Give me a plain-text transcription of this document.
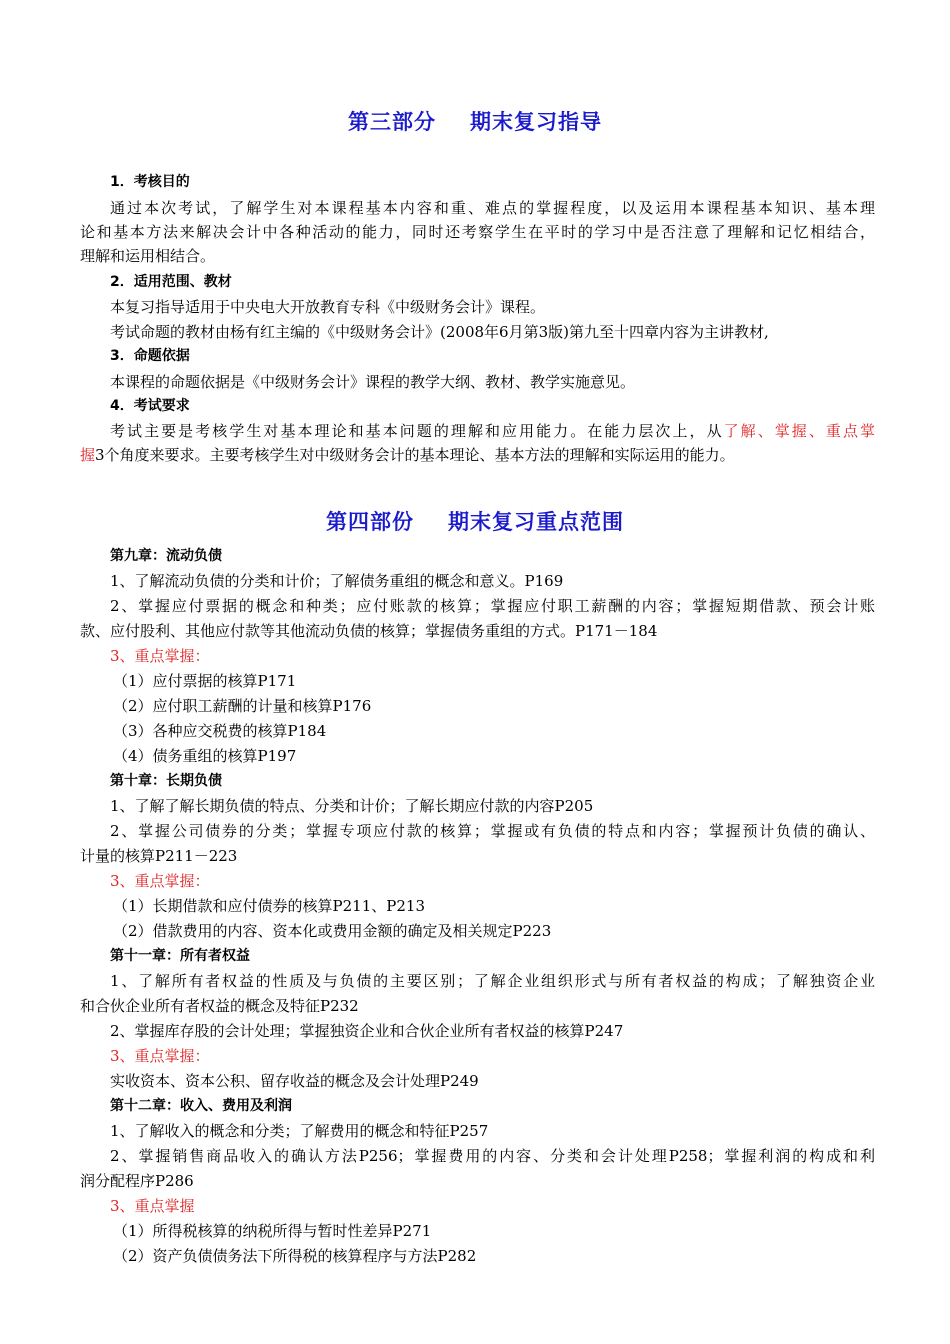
第三部分 期末复习指导
1．考核目的
通过本次考试，了解学生对本课程基本内容和重、难点的掌握程度，以及运用本课程基本知识、基本理
论和基本方法来解决会计中各种活动的能力，同时还考察学生在平时的学习中是否注意了理解和记忆相结合，
理解和运用相结合。
2．适用范围、教材
本复习指导适用于中央电大开放教育专科《中级财务会计》课程。
考试命题的教材由杨有红主编的《中级财务会计》(2008年6月第3版)第九至十四章内容为主讲教材,
3．命题依据
本课程的命题依据是《中级财务会计》课程的教学大纲、教材、教学实施意见。
4．考试要求
考试主要是考核学生对基本理论和基本问题的理解和应用能力。在能力层次上，从了解、掌握、重点掌
握3个角度来要求。主要考核学生对中级财务会计的基本理论、基本方法的理解和实际运用的能力。
第四部份 期末复习重点范围
第九章：流动负债
1、了解流动负债的分类和计价；了解债务重组的概念和意义。P169
2、掌握应付票据的概念和种类；应付账款的核算；掌握应付职工薪酬的内容；掌握短期借款、预会计账
款、应付股利、其他应付款等其他流动负债的核算；掌握债务重组的方式。P171－184
3、重点掌握：
（1）应付票据的核算P171
（2）应付职工薪酬的计量和核算P176
（3）各种应交税费的核算P184
（4）债务重组的核算P197
第十章：长期负债
1、了解了解长期负债的特点、分类和计价；了解长期应付款的内容P205
2、掌握公司债券的分类；掌握专项应付款的核算；掌握或有负债的特点和内容；掌握预计负债的确认、
计量的核算P211－223
3、重点掌握：
（1）长期借款和应付债券的核算P211、P213
（2）借款费用的内容、资本化或费用金额的确定及相关规定P223
第十一章：所有者权益
1、了解所有者权益的性质及与负债的主要区别；了解企业组织形式与所有者权益的构成；了解独资企业
和合伙企业所有者权益的概念及特征P232
2、掌握库存股的会计处理；掌握独资企业和合伙企业所有者权益的核算P247
3、重点掌握：
实收资本、资本公积、留存收益的概念及会计处理P249
第十二章：收入、费用及利润
1、了解收入的概念和分类；了解费用的概念和特征P257
2、掌握销售商品收入的确认方法P256；掌握费用的内容、分类和会计处理P258；掌握利润的构成和利
润分配程序P286
3、重点掌握
（1）所得税核算的纳税所得与暂时性差异P271
（2）资产负债债务法下所得税的核算程序与方法P282
